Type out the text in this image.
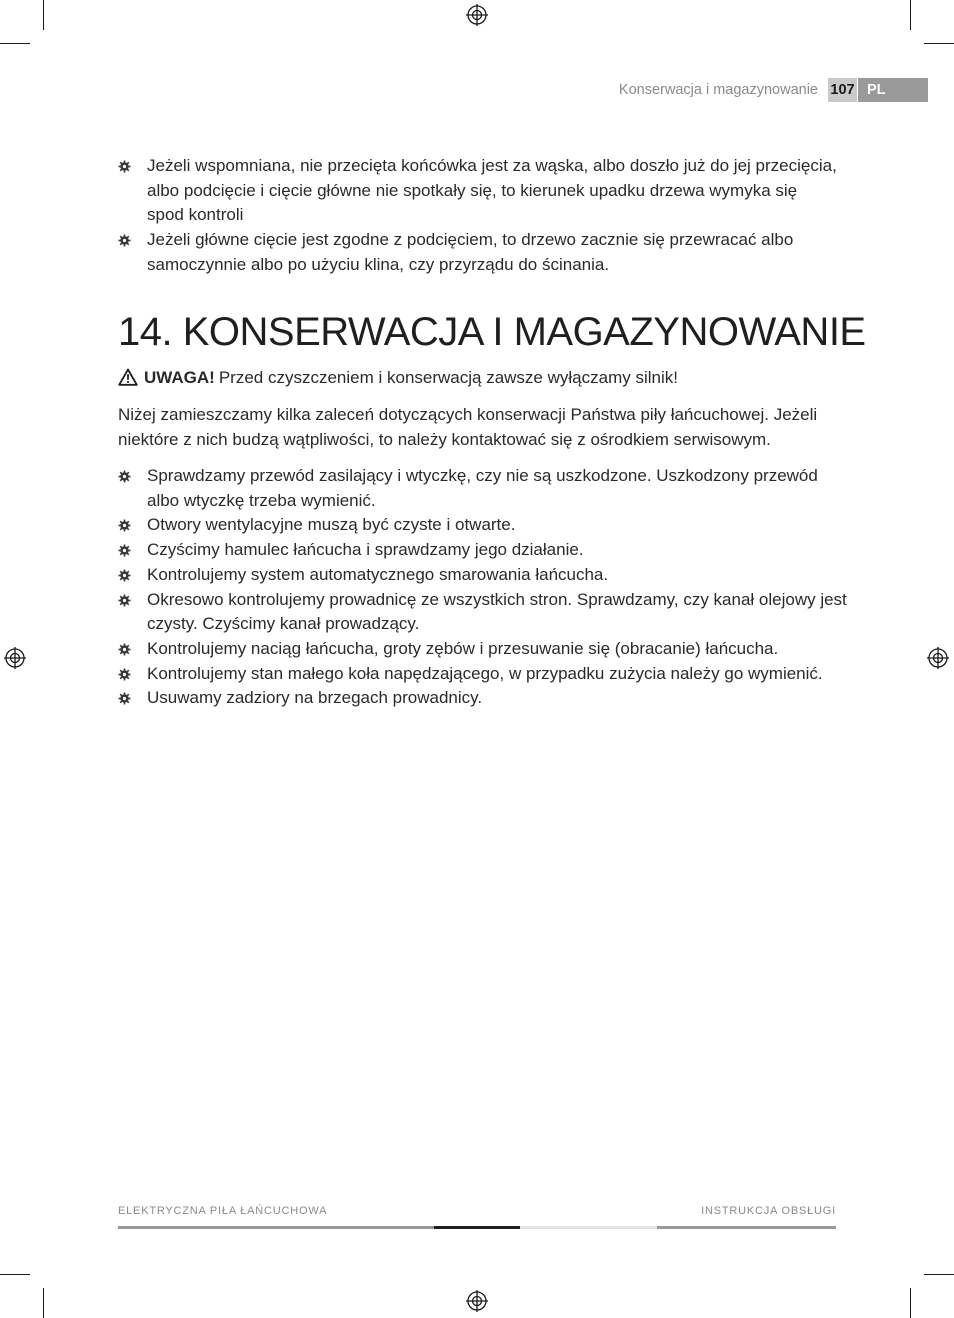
Konserwacja i magazynowanie 107 PL
Jeżeli wspomniana, nie przecięta końcówka jest za wąska, albo doszło już do jej przecięcia, albo podcięcie i cięcie główne nie spotkały się, to kierunek upadku drzewa wymyka się spod kontroli
Jeżeli główne cięcie jest zgodne z podcięciem, to drzewo zacznie się przewracać albo samoczynnie albo po użyciu klina, czy przyrządu do ścinania.
14. KONSERWACJA I MAGAZYNOWANIE
UWAGA! Przed czyszczeniem i konserwacją zawsze wyłączamy silnik!
Niżej zamieszczamy kilka zaleceń dotyczących konserwacji Państwa piły łańcuchowej. Jeżeli niektóre z nich budzą wątpliwości, to należy kontaktować się z ośrodkiem serwisowym.
Sprawdzamy przewód zasilający i wtyczkę, czy nie są uszkodzone. Uszkodzony przewód albo wtyczkę trzeba wymienić.
Otwory wentylacyjne muszą być czyste i otwarte.
Czyścimy hamulec łańcucha i sprawdzamy jego działanie.
Kontrolujemy system automatycznego smarowania łańcucha.
Okresowo kontrolujemy prowadnicę ze wszystkich stron. Sprawdzamy, czy kanał olejowy jest czysty. Czyścimy kanał prowadzący.
Kontrolujemy naciąg łańcucha, groty zębów i przesuwanie się (obracanie) łańcucha.
Kontrolujemy stan małego koła napędzającego, w przypadku zużycia należy go wymienić.
Usuwamy zadziory na brzegach prowadnicy.
ELEKTRYCZNA PIŁA ŁAŃCUCHOWA	INSTRUKCJA OBSŁUGI
